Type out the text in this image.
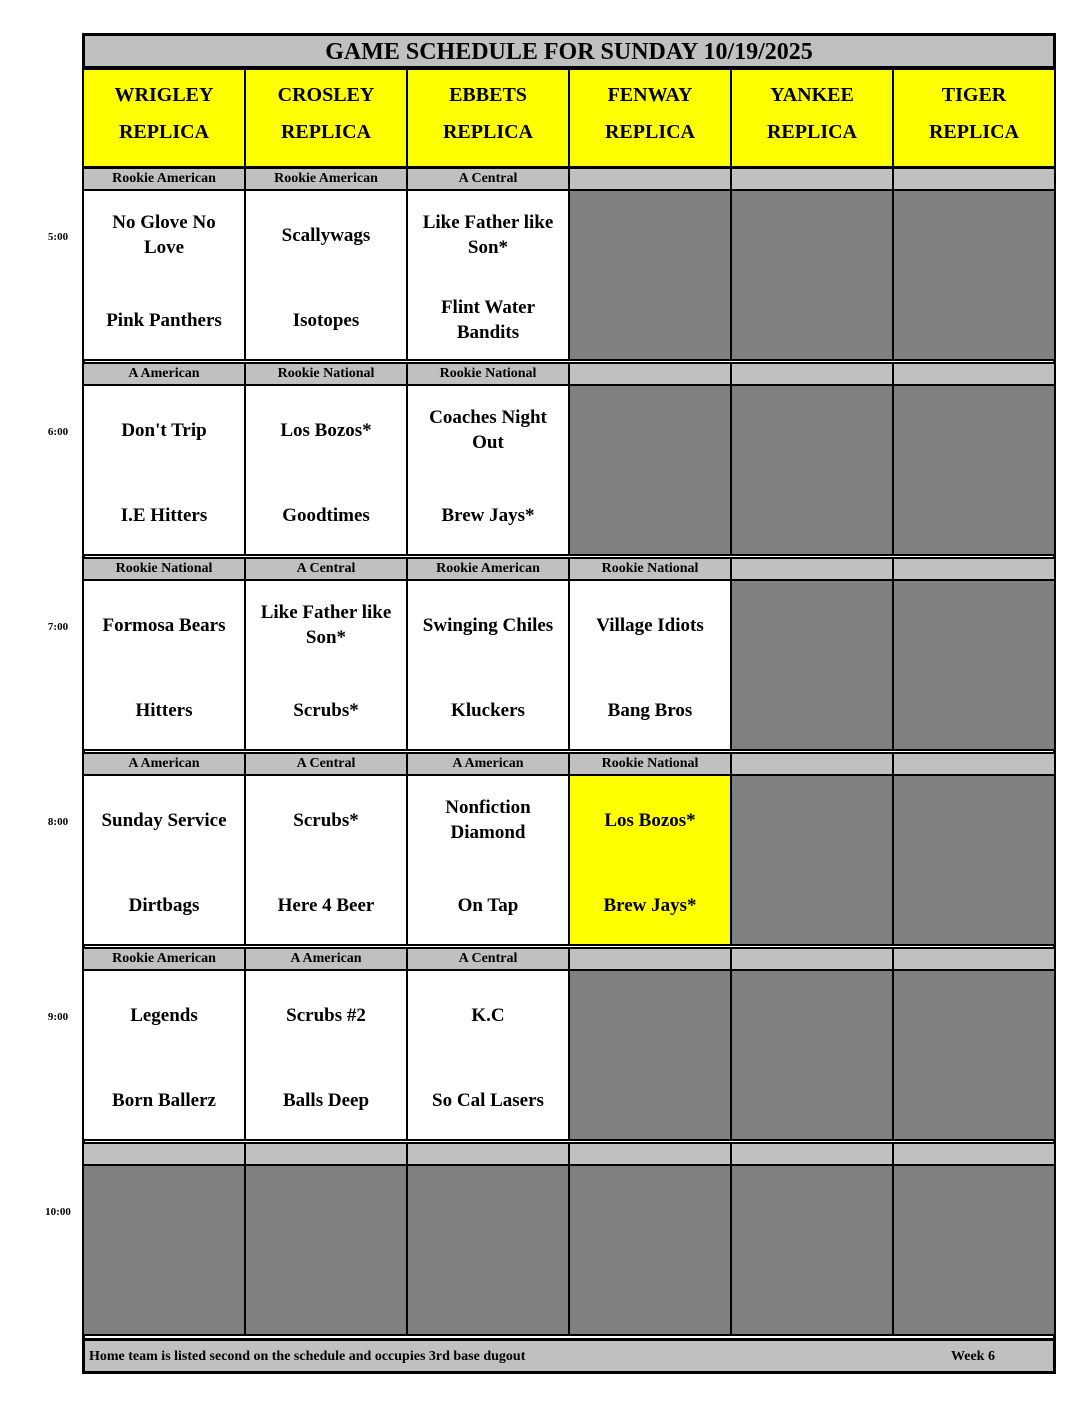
GAME SCHEDULE FOR SUNDAY 10/19/2025
WRIGLEY
REPLICA
CROSLEY
REPLICA
EBBETS
REPLICA
FENWAY
REPLICA
YANKEE
REPLICA
TIGER
REPLICA
5:00
Rookie American
No Glove No Love
Pink Panthers
Rookie American
Scallywags
Isotopes
A Central
Like Father like Son*
Flint Water Bandits
6:00
A American
Don't Trip
I.E Hitters
Rookie National
Los Bozos*
Goodtimes
Rookie National
Coaches Night Out
Brew Jays*
7:00
Rookie National
Formosa Bears
Hitters
A Central
Like Father like Son*
Scrubs*
Rookie American
Swinging Chiles
Kluckers
Rookie National
Village Idiots
Bang Bros
8:00
A American
Sunday Service
Dirtbags
A Central
Scrubs*
Here 4 Beer
A American
Nonfiction Diamond
On Tap
Rookie National
Los Bozos*
Brew Jays*
9:00
Rookie American
Legends
Born Ballerz
A American
Scrubs #2
Balls Deep
A Central
K.C
So Cal Lasers
10:00
Home team is listed second on the schedule and occupies 3rd base dugout	Week 6
